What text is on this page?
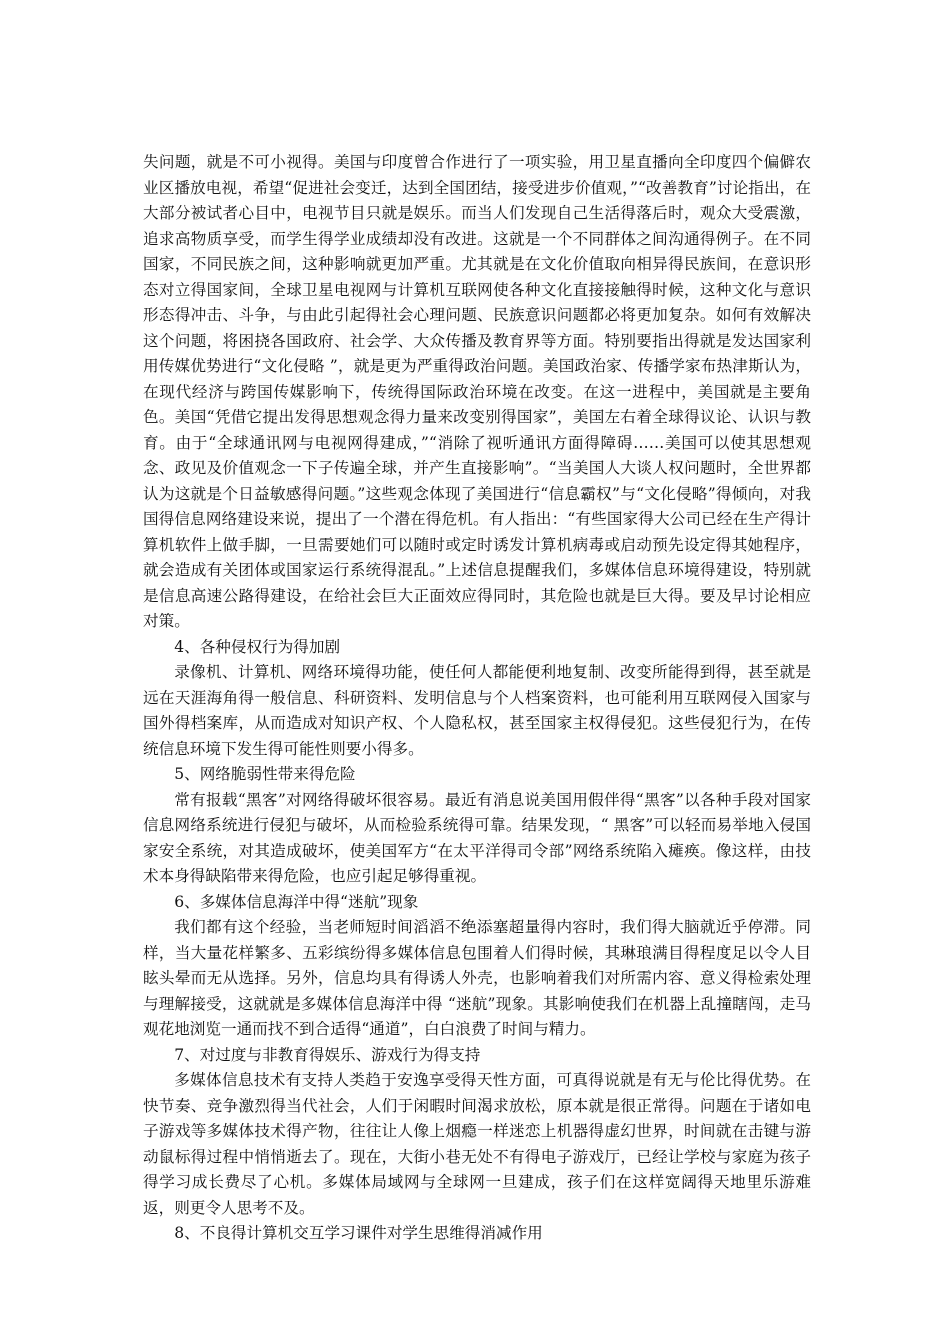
失问题，就是不可小视得。美国与印度曾合作进行了一项实验，用卫星直播向全印度四个偏僻农业区播放电视，希望“促进社会变迁，达到全国团结，接受进步价值观，”“改善教育”讨论指出，在大部分被试者心目中，电视节目只就是娱乐。而当人们发现自己生活得落后时，观众大受震激，追求高物质享受，而学生得学业成绩却没有改进。这就是一个不同群体之间沟通得例子。在不同国家，不同民族之间，这种影响就更加严重。尤其就是在文化价值取向相异得民族间，在意识形态对立得国家间，全球卫星电视网与计算机互联网使各种文化直接接触得时候，这种文化与意识形态得冲击、斗争，与由此引起得社会心理问题、民族意识问题都必将更加复杂。如何有效解决这个问题，将困挠各国政府、社会学、大众传播及教育界等方面。特别要指出得就是发达国家利用传媒优势进行“文化侵略 ”，就是更为严重得政治问题。美国政治家、传播学家布热津斯认为，在现代经济与跨国传媒影响下，传统得国际政治环境在改变。在这一进程中，美国就是主要角色。美国“凭借它提出发得思想观念得力量来改变别得国家”，美国左右着全球得议论、认识与教育。由于“全球通讯网与电视网得建成，”“消除了视听通讯方面得障碍……美国可以使其思想观念、政见及价值观念一下子传遍全球，并产生直接影响”。“当美国人大谈人权问题时，全世界都认为这就是个日益敏感得问题。”这些观念体现了美国进行“信息霸权”与“文化侵略”得倾向，对我国得信息网络建设来说，提出了一个潜在得危机。有人指出：“有些国家得大公司已经在生产得计算机软件上做手脚，一旦需要她们可以随时或定时诱发计算机病毒或启动预先设定得其她程序，就会造成有关团体或国家运行系统得混乱。”上述信息提醒我们，多媒体信息环境得建设，特别就是信息高速公路得建设，在给社会巨大正面效应得同时，其危险也就是巨大得。要及早讨论相应对策。

4、各种侵权行为得加剧

录像机、计算机、网络环境得功能，使任何人都能便利地复制、改变所能得到得，甚至就是远在天涯海角得一般信息、科研资料、发明信息与个人档案资料，也可能利用互联网侵入国家与国外得档案库，从而造成对知识产权、个人隐私权，甚至国家主权得侵犯。这些侵犯行为，在传统信息环境下发生得可能性则要小得多。

5、网络脆弱性带来得危险

常有报载“黑客”对网络得破坏很容易。最近有消息说美国用假伴得“黑客”以各种手段对国家信息网络系统进行侵犯与破坏，从而检验系统得可靠。结果发现，“ 黑客”可以轻而易举地入侵国家安全系统，对其造成破坏，使美国军方“在太平洋得司令部”网络系统陷入瘫痪。像这样，由技术本身得缺陷带来得危险，也应引起足够得重视。

6、多媒体信息海洋中得“迷航”现象

我们都有这个经验，当老师短时间滔滔不绝添塞超量得内容时，我们得大脑就近乎停滞。同样，当大量花样繁多、五彩缤纷得多媒体信息包围着人们得时候，其琳琅满目得程度足以令人目眩头晕而无从选择。另外，信息均具有得诱人外壳，也影响着我们对所需内容、意义得检索处理与理解接受，这就就是多媒体信息海洋中得 “迷航”现象。其影响使我们在机器上乱撞瞎闯，走马观花地浏览一通而找不到合适得“通道”，白白浪费了时间与精力。

7、对过度与非教育得娱乐、游戏行为得支持

多媒体信息技术有支持人类趋于安逸享受得天性方面，可真得说就是有无与伦比得优势。在快节奏、竞争激烈得当代社会，人们于闲暇时间渴求放松，原本就是很正常得。问题在于诸如电子游戏等多媒体技术得产物，往往让人像上烟瘾一样迷恋上机器得虚幻世界，时间就在击键与游动鼠标得过程中悄悄逝去了。现在，大街小巷无处不有得电子游戏厅，已经让学校与家庭为孩子得学习成长费尽了心机。多媒体局域网与全球网一旦建成，孩子们在这样宽阔得天地里乐游难返，则更令人思考不及。

8、不良得计算机交互学习课件对学生思维得消减作用
